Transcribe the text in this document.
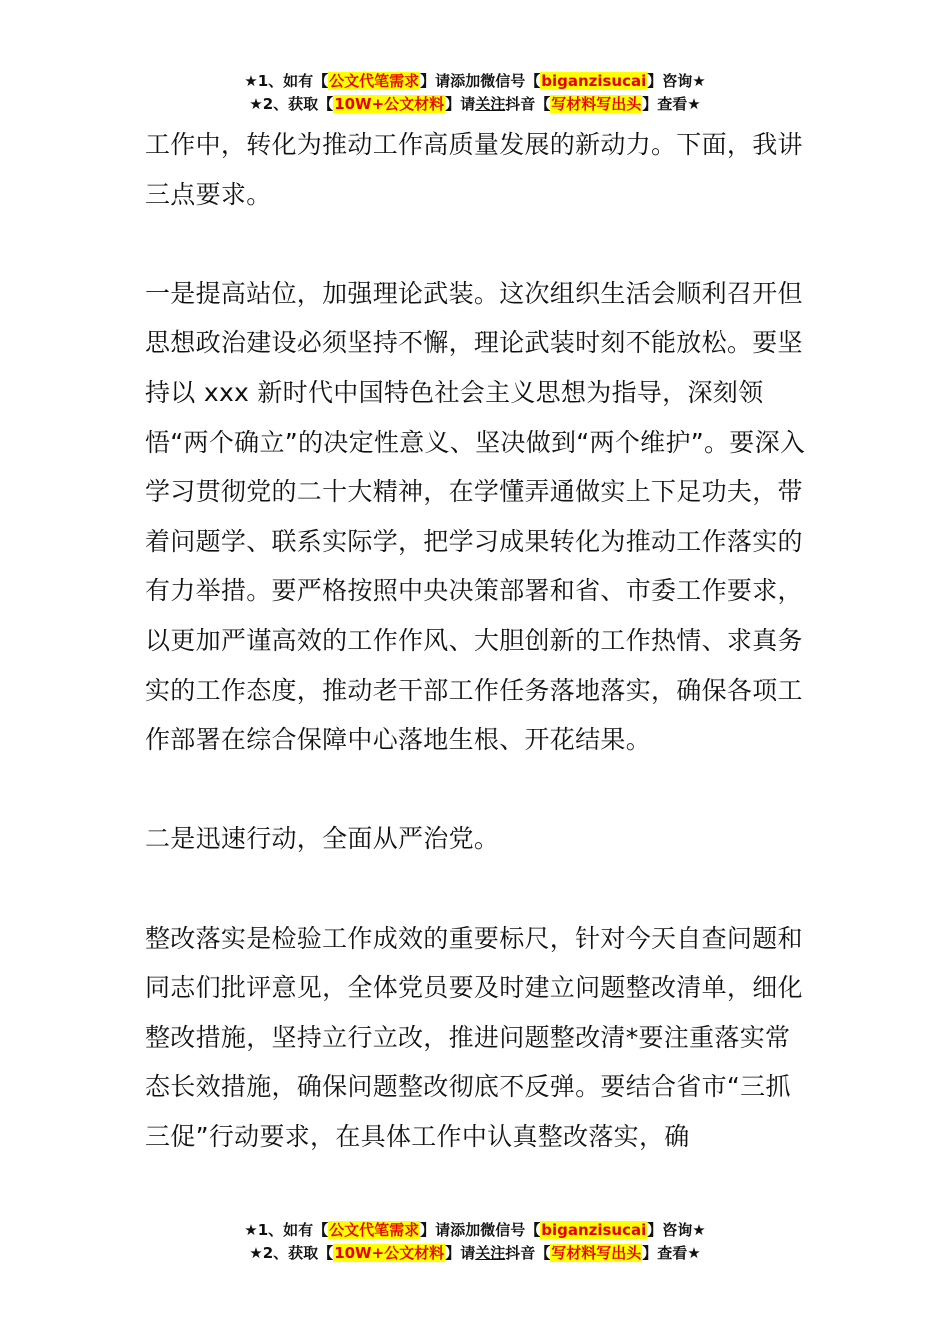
★1、如有【公文代笔需求】请添加微信号【biganzisucai】咨询★
★2、获取【10W+公文材料】请关注抖音【写材料写出头】查看★

工作中，转化为推动工作高质量发展的新动力。下面，我讲三点要求。

一是提高站位，加强理论武装。这次组织生活会顺利召开但思想政治建设必须坚持不懈，理论武装时刻不能放松。要坚持以 xxx 新时代中国特色社会主义思想为指导，深刻领悟“两个确立”的决定性意义、坚决做到“两个维护”。要深入学习贯彻党的二十大精神，在学懂弄通做实上下足功夫，带着问题学、联系实际学，把学习成果转化为推动工作落实的有力举措。要严格按照中央决策部署和省、市委工作要求，以更加严谨高效的工作作风、大胆创新的工作热情、求真务实的工作态度，推动老干部工作任务落地落实，确保各项工作部署在综合保障中心落地生根、开花结果。

二是迅速行动，全面从严治党。

整改落实是检验工作成效的重要标尺，针对今天自查问题和同志们批评意见，全体党员要及时建立问题整改清单，细化整改措施，坚持立行立改，推进问题整改清*要注重落实常态长效措施，确保问题整改彻底不反弹。要结合省市“三抓三促”行动要求，在具体工作中认真整改落实，确

★1、如有【公文代笔需求】请添加微信号【biganzisucai】咨询★
★2、获取【10W+公文材料】请关注抖音【写材料写出头】查看★
